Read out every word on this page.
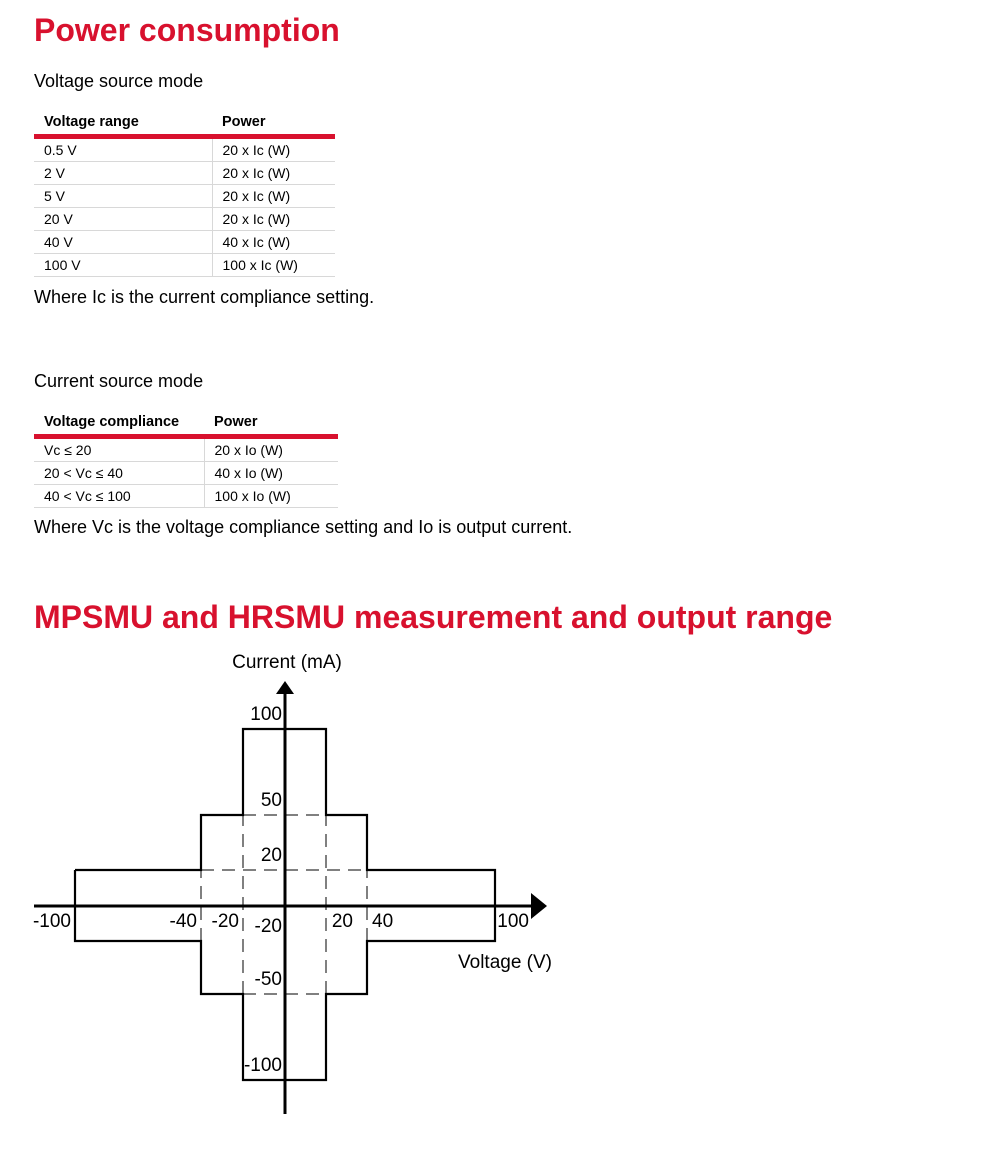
Power consumption

Voltage source mode

Voltage range	Power
0.5 V	20 x Ic (W)
2 V	20 x Ic (W)
5 V	20 x Ic (W)
20 V	20 x Ic (W)
40 V	40 x Ic (W)
100 V	100 x Ic (W)

Where Ic is the current compliance setting.

Current source mode

Voltage compliance	Power
Vc ≤ 20	20 x Io (W)
20 < Vc ≤ 40	40 x Io (W)
40 < Vc ≤ 100	100 x Io (W)

Where Vc is the voltage compliance setting and Io is output current.

MPSMU and HRSMU measurement and output range
-100	-40 -20	20 40	100
100
50
20
-20
-50
-100
Current (mA)
Voltage (V)
